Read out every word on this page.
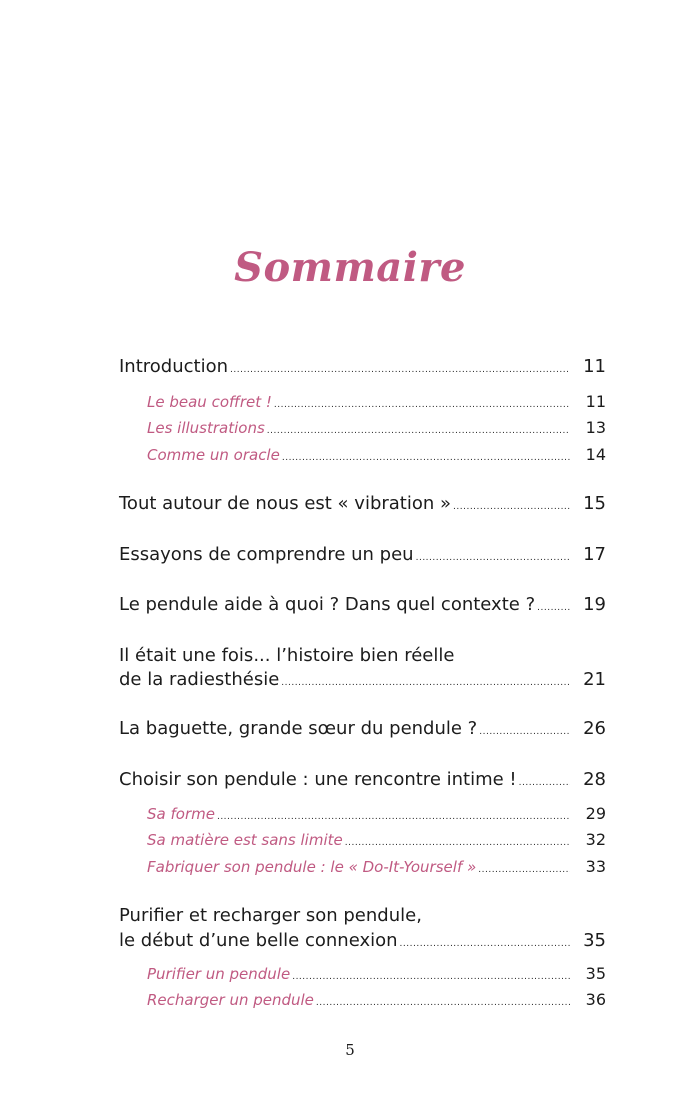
Sommaire
Introduction .....	11
Le beau coffret ! .....	11
Les illustrations .....	13
Comme un oracle .....	14
Tout autour de nous est « vibration » .....	15
Essayons de comprendre un peu .....	17
Le pendule aide à quoi ? Dans quel contexte ? .....	19
Il était une fois... l’histoire bien réelle
de la radiesthésie .....	21
La baguette, grande sœur du pendule ? .....	26
Choisir son pendule : une rencontre intime ! .....	28
Sa forme .....	29
Sa matière est sans limite .....	32
Fabriquer son pendule : le « Do-It-Yourself » .....	33
Purifier et recharger son pendule,
le début d’une belle connexion .....	35
Purifier un pendule .....	35
Recharger un pendule .....	36
5
